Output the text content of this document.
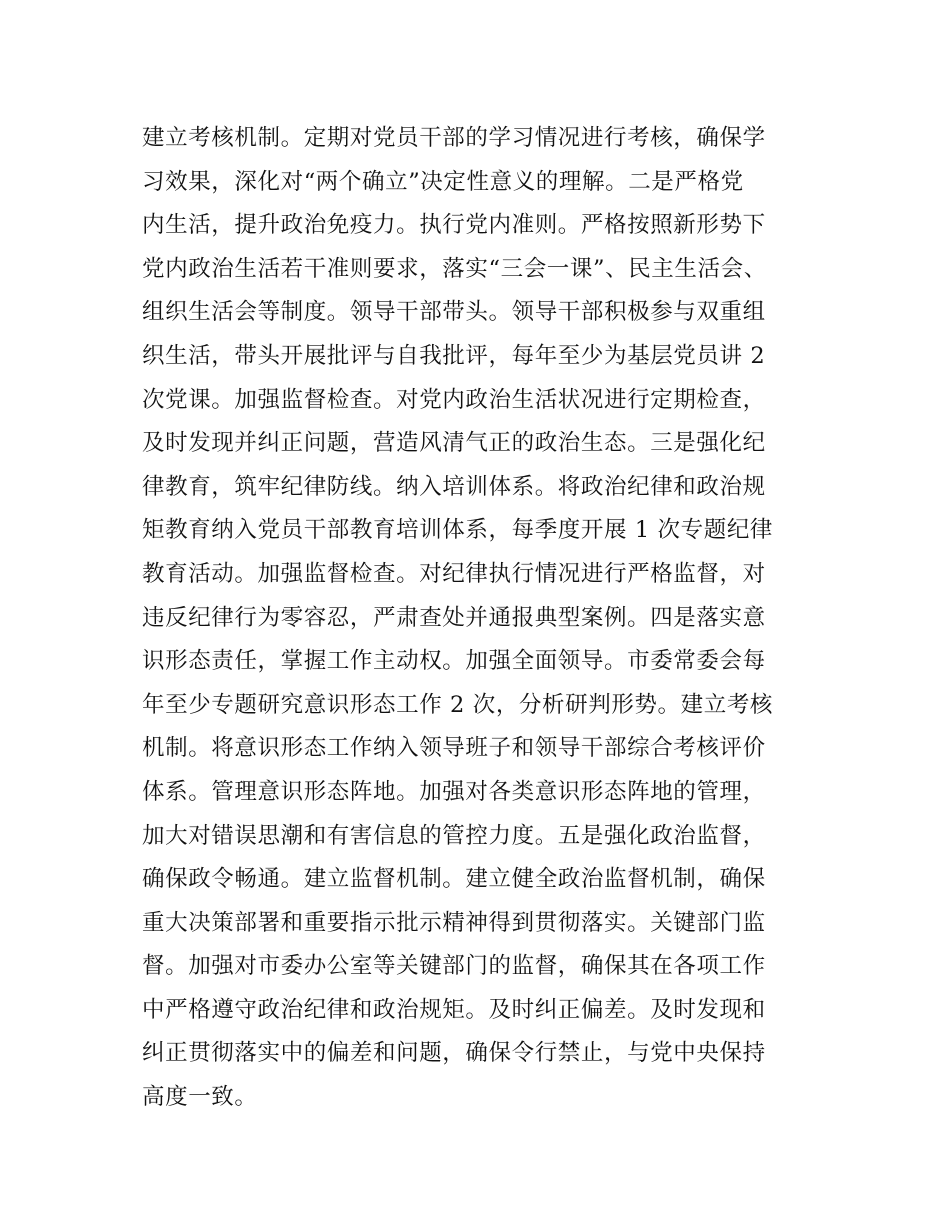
建立考核机制。定期对党员干部的学习情况进行考核，确保学
习效果，深化对“两个确立”决定性意义的理解。二是严格党
内生活，提升政治免疫力。执行党内准则。严格按照新形势下
党内政治生活若干准则要求，落实“三会一课”、民主生活会、
组织生活会等制度。领导干部带头。领导干部积极参与双重组
织生活，带头开展批评与自我批评，每年至少为基层党员讲 2
次党课。加强监督检查。对党内政治生活状况进行定期检查，
及时发现并纠正问题，营造风清气正的政治生态。三是强化纪
律教育，筑牢纪律防线。纳入培训体系。将政治纪律和政治规
矩教育纳入党员干部教育培训体系，每季度开展 1 次专题纪律
教育活动。加强监督检查。对纪律执行情况进行严格监督，对
违反纪律行为零容忍，严肃查处并通报典型案例。四是落实意
识形态责任，掌握工作主动权。加强全面领导。市委常委会每
年至少专题研究意识形态工作 2 次，分析研判形势。建立考核
机制。将意识形态工作纳入领导班子和领导干部综合考核评价
体系。管理意识形态阵地。加强对各类意识形态阵地的管理，
加大对错误思潮和有害信息的管控力度。五是强化政治监督，
确保政令畅通。建立监督机制。建立健全政治监督机制，确保
重大决策部署和重要指示批示精神得到贯彻落实。关键部门监
督。加强对市委办公室等关键部门的监督，确保其在各项工作
中严格遵守政治纪律和政治规矩。及时纠正偏差。及时发现和
纠正贯彻落实中的偏差和问题，确保令行禁止，与党中央保持
高度一致。
